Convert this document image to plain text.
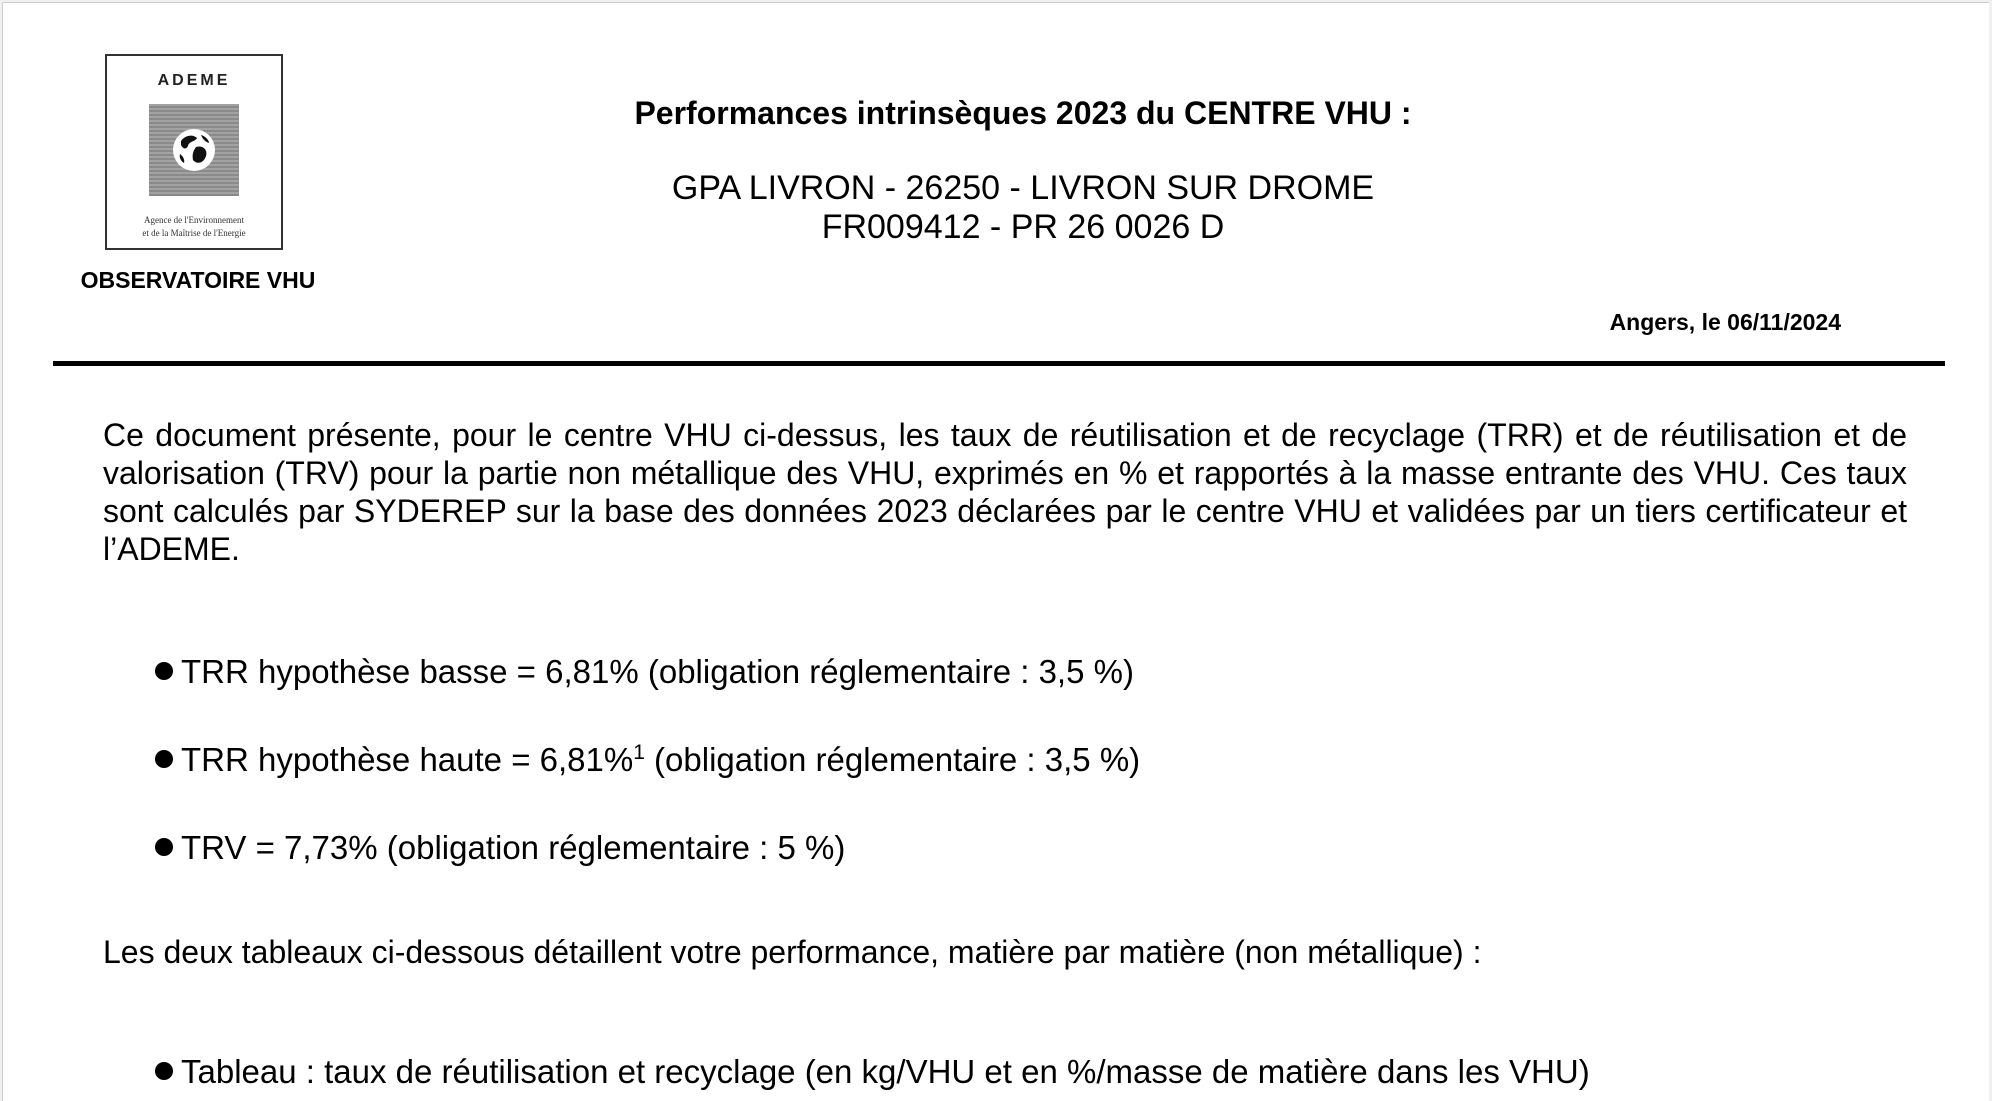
ADEME
Agence de l'Environnement
et de la Maîtrise de l'Energie
OBSERVATOIRE VHU
Performances intrinsèques 2023 du CENTRE VHU :
GPA LIVRON - 26250 - LIVRON SUR DROME
FR009412 - PR 26 0026 D
Angers, le 06/11/2024

Ce document présente, pour le centre VHU ci-dessus, les taux de réutilisation et de recyclage (TRR) et de réutilisation et de valorisation (TRV) pour la partie non métallique des VHU, exprimés en % et rapportés à la masse entrante des VHU. Ces taux sont calculés par SYDEREP sur la base des données 2023 déclarées par le centre VHU et validées par un tiers certificateur et l’ADEME.

TRR hypothèse basse = 6,81% (obligation réglementaire : 3,5 %)
TRR hypothèse haute = 6,81%$^1$ (obligation réglementaire : 3,5 %)
TRV = 7,73% (obligation réglementaire : 5 %)
Les deux tableaux ci-dessous détaillent votre performance, matière par matière (non métallique) :
Tableau : taux de réutilisation et recyclage (en kg/VHU et en %/masse de matière dans les VHU)
